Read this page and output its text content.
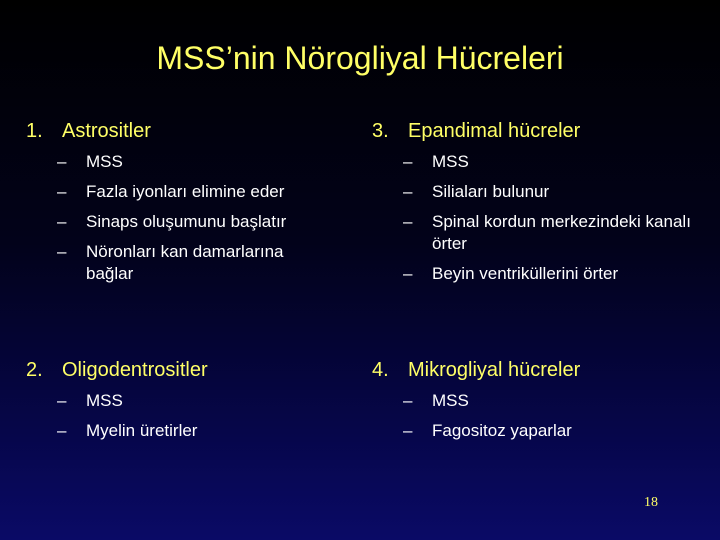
MSS’nin Nörogliyal Hücreleri
1. Astrositler
– MSS
– Fazla iyonları elimine eder
– Sinaps oluşumunu başlatır
– Nöronları kan damarlarına bağlar
2. Oligodentrositler
– MSS
– Myelin üretirler
3. Epandimal hücreler
– MSS
– Siliaları bulunur
– Spinal kordun merkezindeki kanalı örter
– Beyin ventriküllerini örter
4. Mikrogliyal hücreler
– MSS
– Fagositoz yaparlar
18
